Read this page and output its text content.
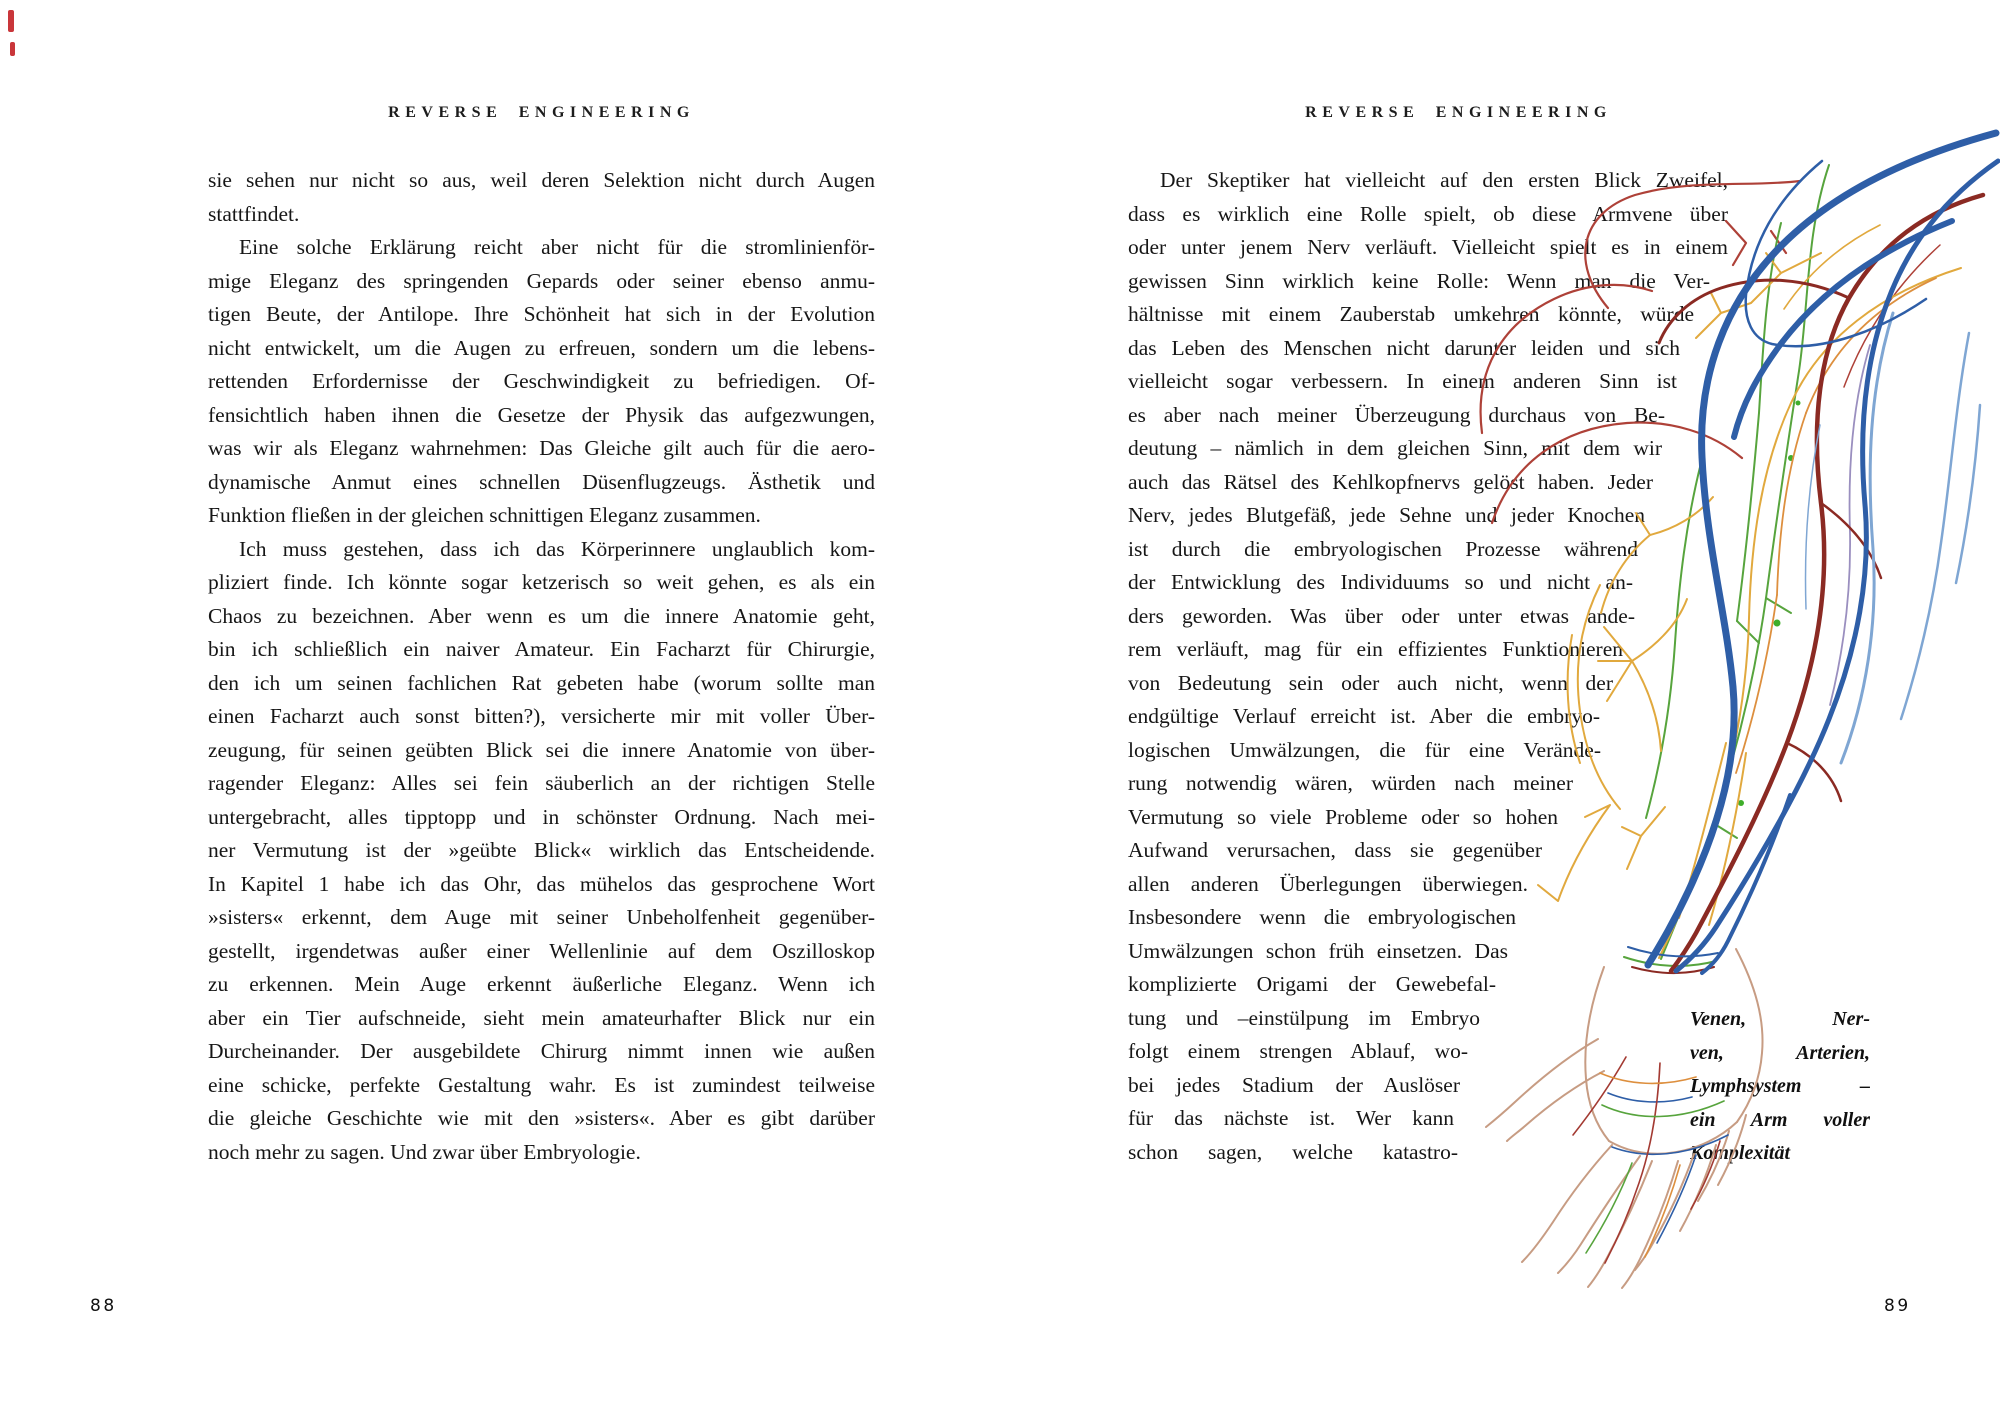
REVERSE ENGINEERING
sie sehen nur nicht so aus, weil deren Selektion nicht durch Augen
stattfindet.
Eine solche Erklärung reicht aber nicht für die stromlinienför-
mige Eleganz des springenden Gepards oder seiner ebenso anmu-
tigen Beute, der Antilope. Ihre Schönheit hat sich in der Evolution
nicht entwickelt, um die Augen zu erfreuen, sondern um die lebens-
rettenden Erfordernisse der Geschwindigkeit zu befriedigen. Of-
fensichtlich haben ihnen die Gesetze der Physik das aufgezwungen,
was wir als Eleganz wahrnehmen: Das Gleiche gilt auch für die aero-
dynamische Anmut eines schnellen Düsenflugzeugs. Ästhetik und
Funktion fließen in der gleichen schnittigen Eleganz zusammen.
Ich muss gestehen, dass ich das Körperinnere unglaublich kom-
pliziert finde. Ich könnte sogar ketzerisch so weit gehen, es als ein
Chaos zu bezeichnen. Aber wenn es um die innere Anatomie geht,
bin ich schließlich ein naiver Amateur. Ein Facharzt für Chirurgie,
den ich um seinen fachlichen Rat gebeten habe (worum sollte man
einen Facharzt auch sonst bitten?), versicherte mir mit voller Über-
zeugung, für seinen geübten Blick sei die innere Anatomie von über-
ragender Eleganz: Alles sei fein säuberlich an der richtigen Stelle
untergebracht, alles tipptopp und in schönster Ordnung. Nach mei-
ner Vermutung ist der »geübte Blick« wirklich das Entscheidende.
In Kapitel 1 habe ich das Ohr, das mühelos das gesprochene Wort
»sisters« erkennt, dem Auge mit seiner Unbeholfenheit gegenüber-
gestellt, irgendetwas außer einer Wellenlinie auf dem Oszilloskop
zu erkennen. Mein Auge erkennt äußerliche Eleganz. Wenn ich
aber ein Tier aufschneide, sieht mein amateurhafter Blick nur ein
Durcheinander. Der ausgebildete Chirurg nimmt innen wie außen
eine schicke, perfekte Gestaltung wahr. Es ist zumindest teilweise
die gleiche Geschichte wie mit den »sisters«. Aber es gibt darüber
noch mehr zu sagen. Und zwar über Embryologie.
88
REVERSE ENGINEERING
Der Skeptiker hat vielleicht auf den ersten Blick Zweifel,
dass es wirklich eine Rolle spielt, ob diese Armvene über
oder unter jenem Nerv verläuft. Vielleicht spielt es in einem
gewissen Sinn wirklich keine Rolle: Wenn man die Ver-
hältnisse mit einem Zauberstab umkehren könnte, würde
das Leben des Menschen nicht darunter leiden und sich
vielleicht sogar verbessern. In einem anderen Sinn ist
es aber nach meiner Überzeugung durchaus von Be-
deutung – nämlich in dem gleichen Sinn, mit dem wir
auch das Rätsel des Kehlkopfnervs gelöst haben. Jeder
Nerv, jedes Blutgefäß, jede Sehne und jeder Knochen
ist durch die embryologischen Prozesse während
der Entwicklung des Individuums so und nicht an-
ders geworden. Was über oder unter etwas ande-
rem verläuft, mag für ein effizientes Funktionieren
von Bedeutung sein oder auch nicht, wenn der
endgültige Verlauf erreicht ist. Aber die embryo-
logischen Umwälzungen, die für eine Verände-
rung notwendig wären, würden nach meiner
Vermutung so viele Probleme oder so hohen
Aufwand verursachen, dass sie gegenüber
allen anderen Überlegungen überwiegen.
Insbesondere wenn die embryologischen
Umwälzungen schon früh einsetzen. Das
komplizierte Origami der Gewebefal-
tung und –einstülpung im Embryo
folgt einem strengen Ablauf, wo-
bei jedes Stadium der Auslöser
für das nächste ist. Wer kann
schon sagen, welche katastro-
Venen, Ner-
ven, Arterien,
Lymphsystem –
ein Arm voller
Komplexität
89
